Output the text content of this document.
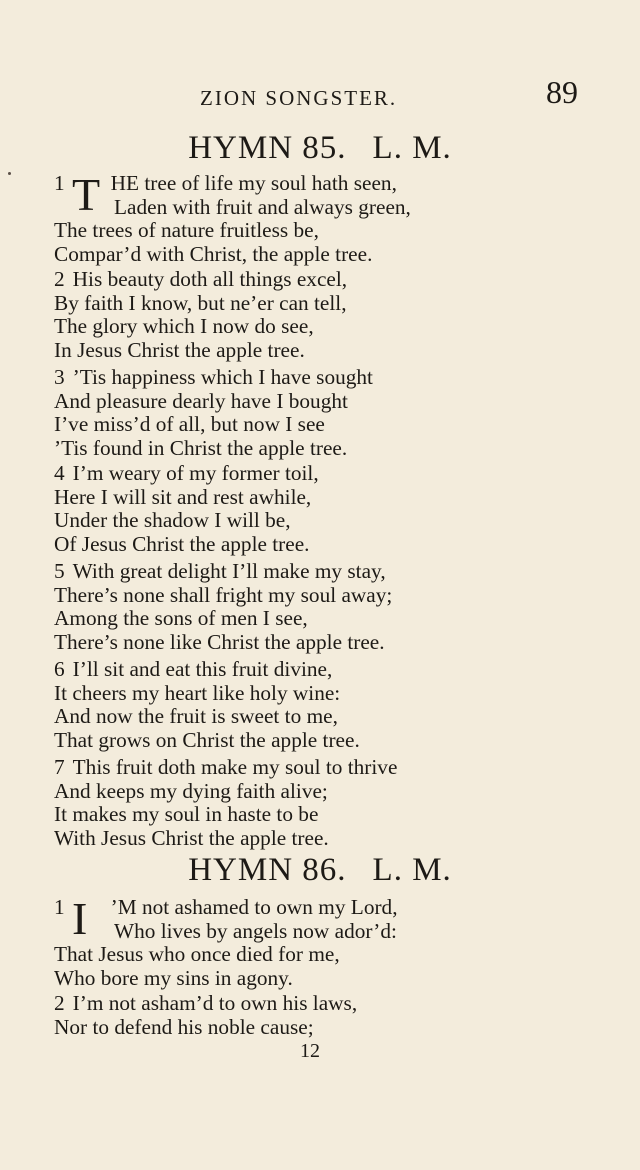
ZION SONGSTER.	89
HYMN 85. L. M.
T
1 HE tree of life my soul hath seen,
Laden with fruit and always green,
The trees of nature fruitless be,
Compar’d with Christ, the apple tree.
2 His beauty doth all things excel,
By faith I know, but ne’er can tell,
The glory which I now do see,
In Jesus Christ the apple tree.
3 ’Tis happiness which I have sought
And pleasure dearly have I bought
I’ve miss’d of all, but now I see
’Tis found in Christ the apple tree.
4 I’m weary of my former toil,
Here I will sit and rest awhile,
Under the shadow I will be,
Of Jesus Christ the apple tree.
5 With great delight I’ll make my stay,
There’s none shall fright my soul away;
Among the sons of men I see,
There’s none like Christ the apple tree.
6 I’ll sit and eat this fruit divine,
It cheers my heart like holy wine:
And now the fruit is sweet to me,
That grows on Christ the apple tree.
7 This fruit doth make my soul to thrive
And keeps my dying faith alive;
It makes my soul in haste to be
With Jesus Christ the apple tree.
HYMN 86. L. M.
I
1 ’M not ashamed to own my Lord,
Who lives by angels now ador’d:
That Jesus who once died for me,
Who bore my sins in agony.
2 I’m not asham’d to own his laws,
Nor to defend his noble cause;
12
